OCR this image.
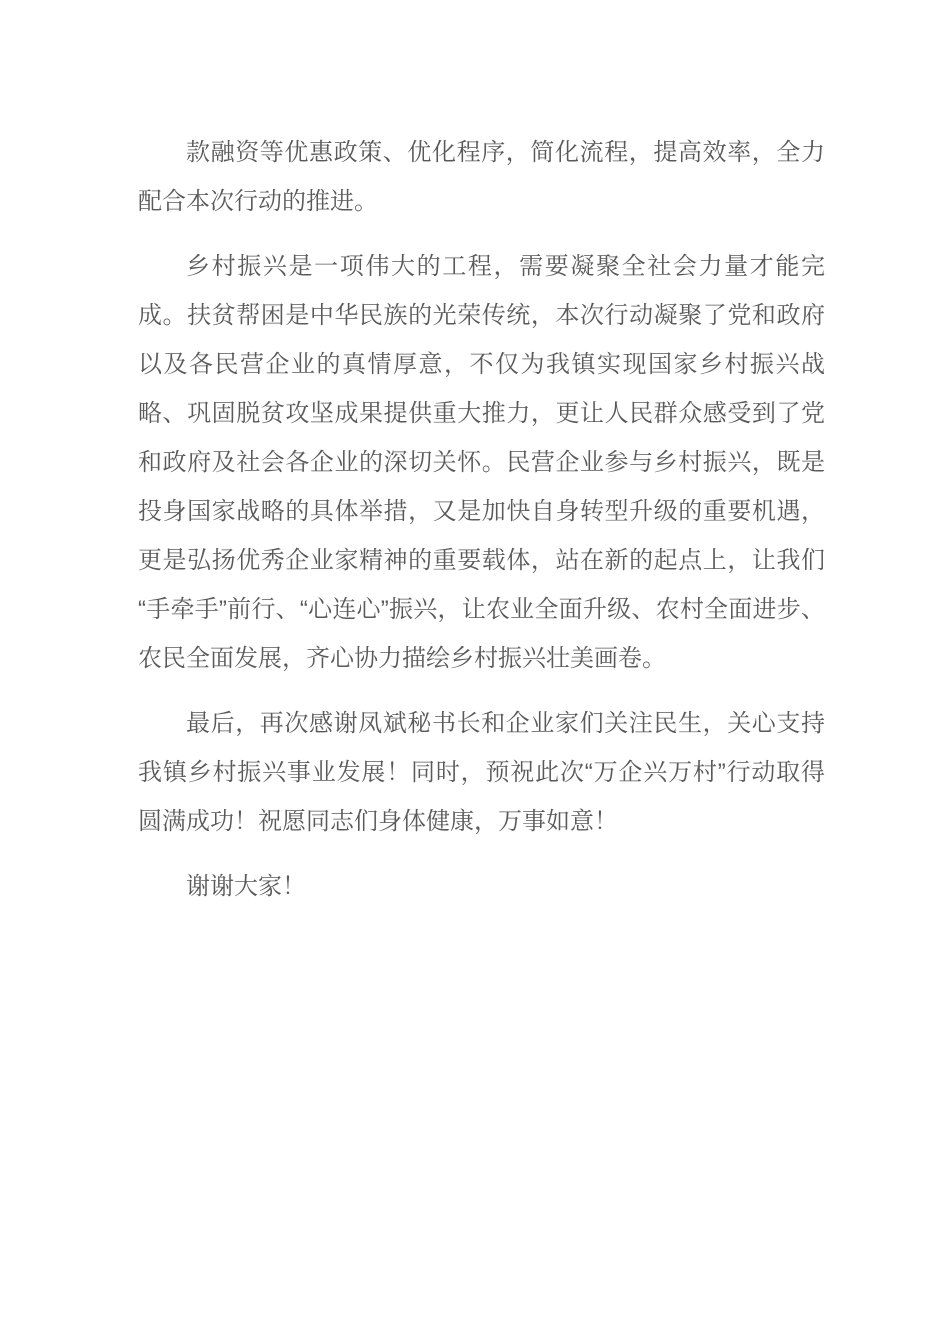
款融资等优惠政策、优化程序，简化流程，提高效率，全力配合本次行动的推进。

乡村振兴是一项伟大的工程，需要凝聚全社会力量才能完成。扶贫帮困是中华民族的光荣传统，本次行动凝聚了党和政府以及各民营企业的真情厚意，不仅为我镇实现国家乡村振兴战略、巩固脱贫攻坚成果提供重大推力，更让人民群众感受到了党和政府及社会各企业的深切关怀。民营企业参与乡村振兴，既是投身国家战略的具体举措，又是加快自身转型升级的重要机遇，更是弘扬优秀企业家精神的重要载体，站在新的起点上，让我们“手牵手”前行、“心连心”振兴，让农业全面升级、农村全面进步、农民全面发展，齐心协力描绘乡村振兴壮美画卷。

最后，再次感谢凤斌秘书长和企业家们关注民生，关心支持我镇乡村振兴事业发展！同时，预祝此次“万企兴万村”行动取得圆满成功！祝愿同志们身体健康，万事如意！

谢谢大家！
